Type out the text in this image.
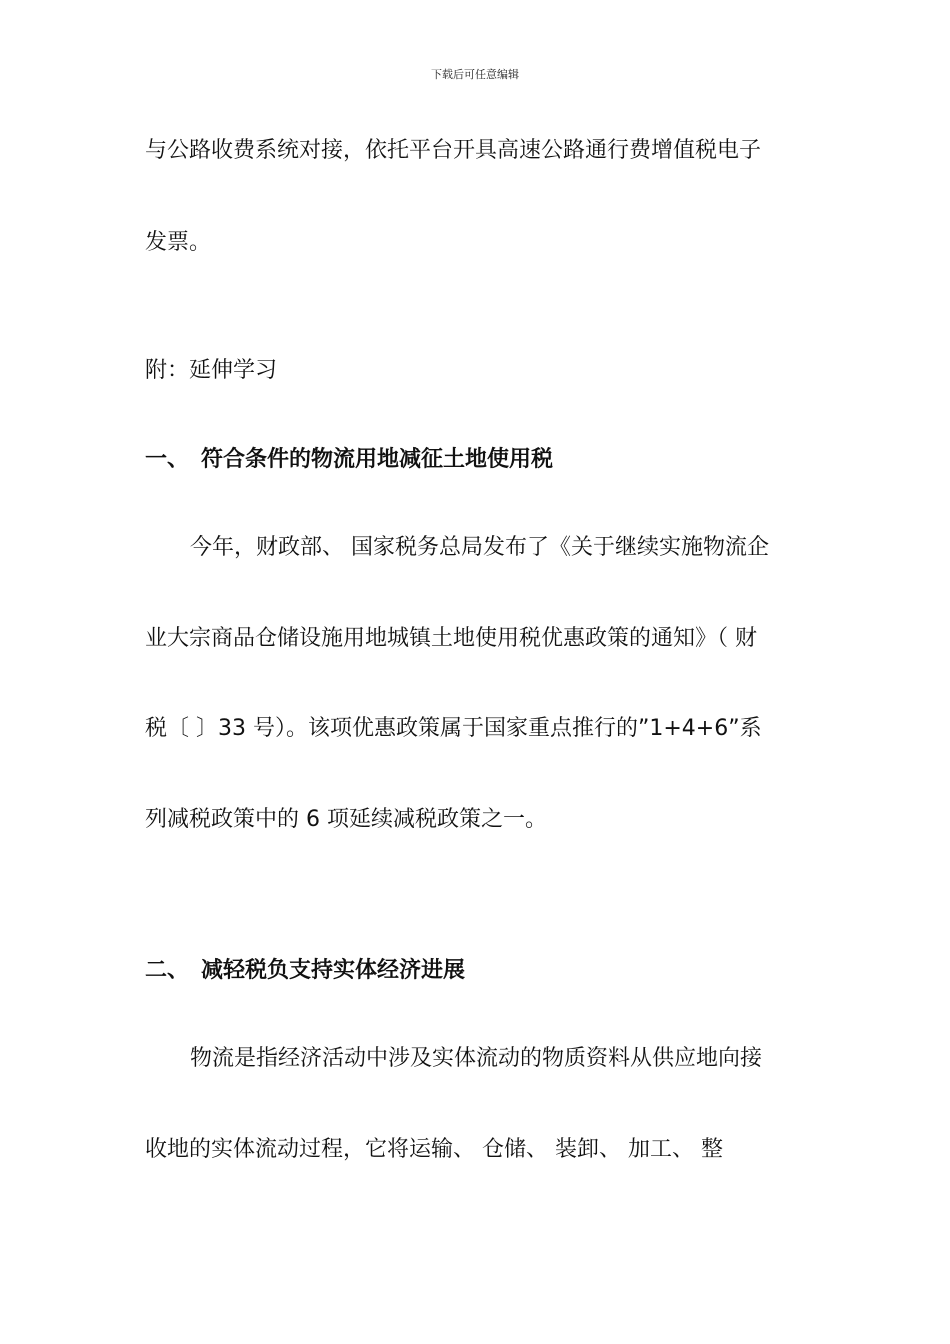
下载后可任意编辑
与公路收费系统对接，依托平台开具高速公路通行费增值税电子
发票。
附：延伸学习
一、 符合条件的物流用地减征土地使用税
今年，财政部、 国家税务总局发布了《关于继续实施物流企
业大宗商品仓储设施用地城镇土地使用税优惠政策的通知》（ 财
税〔 〕33 号）。该项优惠政策属于国家重点推行的”1+4+6”系
列减税政策中的 6 项延续减税政策之一。
二、 减轻税负支持实体经济进展
物流是指经济活动中涉及实体流动的物质资料从供应地向接
收地的实体流动过程，它将运输、 仓储、 装卸、 加工、 整
